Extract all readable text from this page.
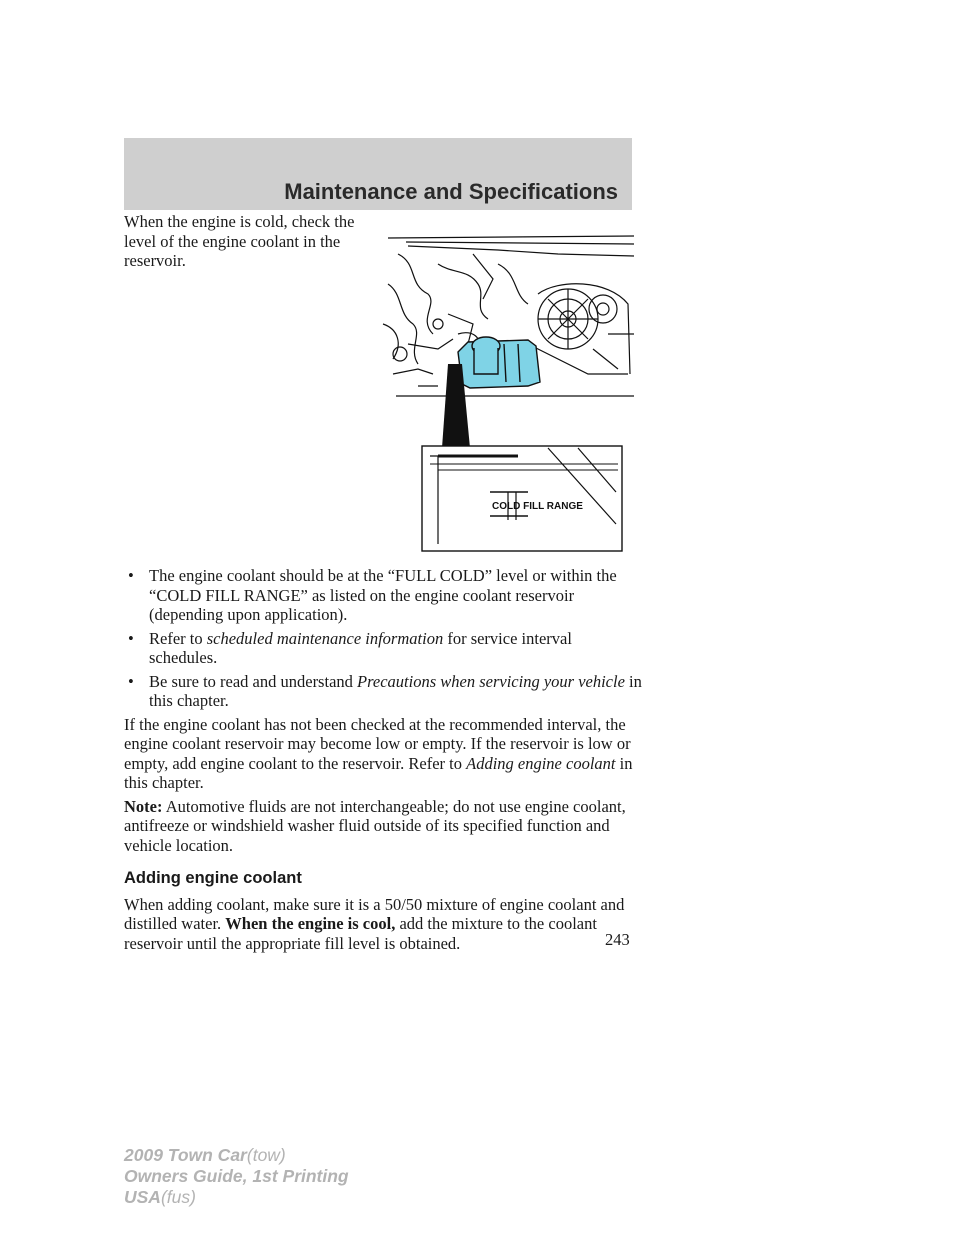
Maintenance and Specifications
When the engine is cold, check the level of the engine coolant in the reservoir.
COLD FILL RANGE
• The engine coolant should be at the “FULL COLD” level or within the “COLD FILL RANGE” as listed on the engine coolant reservoir (depending upon application).
• Refer to scheduled maintenance information for service interval schedules.
• Be sure to read and understand Precautions when servicing your vehicle in this chapter.

If the engine coolant has not been checked at the recommended interval, the engine coolant reservoir may become low or empty. If the reservoir is low or empty, add engine coolant to the reservoir. Refer to Adding engine coolant in this chapter.

Note: Automotive fluids are not interchangeable; do not use engine coolant, antifreeze or windshield washer fluid outside of its specified function and vehicle location.

Adding engine coolant

When adding coolant, make sure it is a 50/50 mixture of engine coolant and distilled water. When the engine is cool, add the mixture to the coolant reservoir until the appropriate fill level is obtained.	243
2009 Town Car(tow)
Owners Guide, 1st Printing
USA(fus)
